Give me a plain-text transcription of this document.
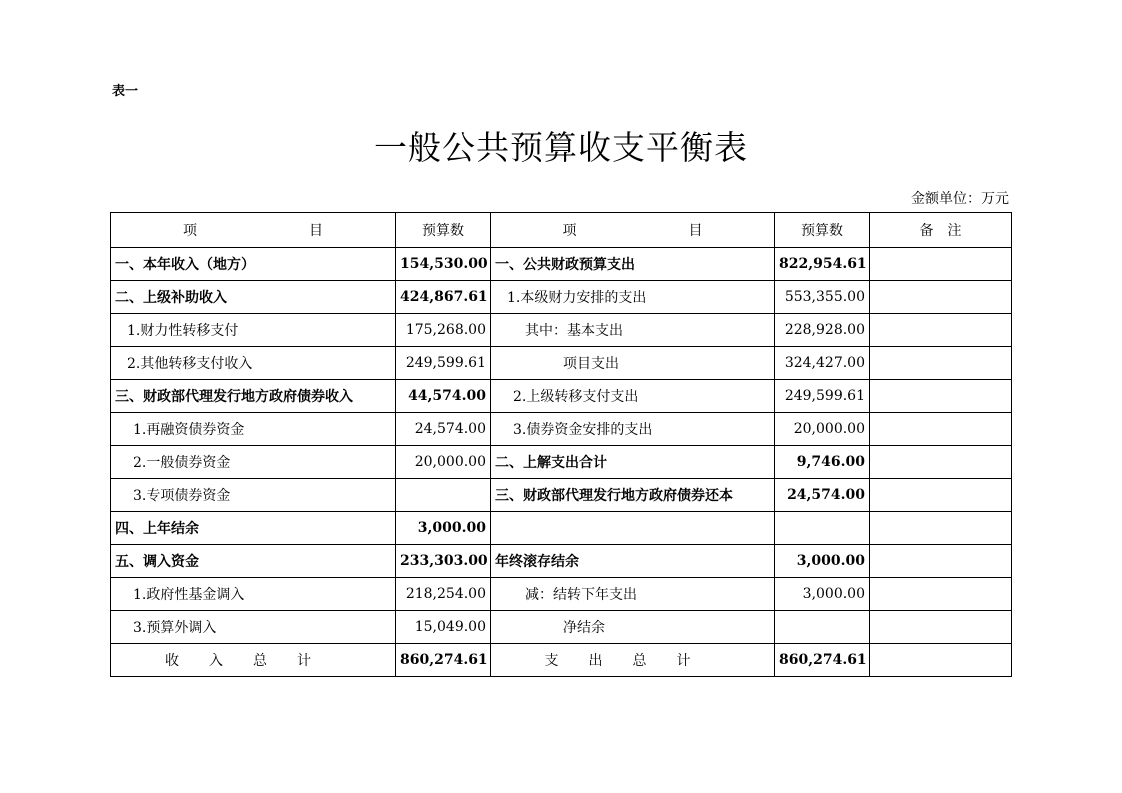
表一
一般公共预算收支平衡表
金额单位：万元
项　　　　　　　　目	预算数	项　　　　　　　　目	预算数	备　注
一、本年收入（地方）	154,530.00	一、公共财政预算支出	822,954.61	
二、上级补助收入	424,867.61	1.本级财力安排的支出	553,355.00	
1.财力性转移支付	175,268.00	其中：基本支出	228,928.00	
2.其他转移支付收入	249,599.61	项目支出	324,427.00	
三、财政部代理发行地方政府债券收入	44,574.00	2.上级转移支付支出	249,599.61	
1.再融资债券资金	24,574.00	3.债券资金安排的支出	20,000.00	
2.一般债券资金	20,000.00	二、上解支出合计	9,746.00	
3.专项债券资金		三、财政部代理发行地方政府债券还本	24,574.00	
四、上年结余	3,000.00			
五、调入资金	233,303.00	年终滚存结余	3,000.00	
1.政府性基金调入	218,254.00	减：结转下年支出	3,000.00	
3.预算外调入	15,049.00	净结余		
收入总计	860,274.61	支出总计	860,274.61	
